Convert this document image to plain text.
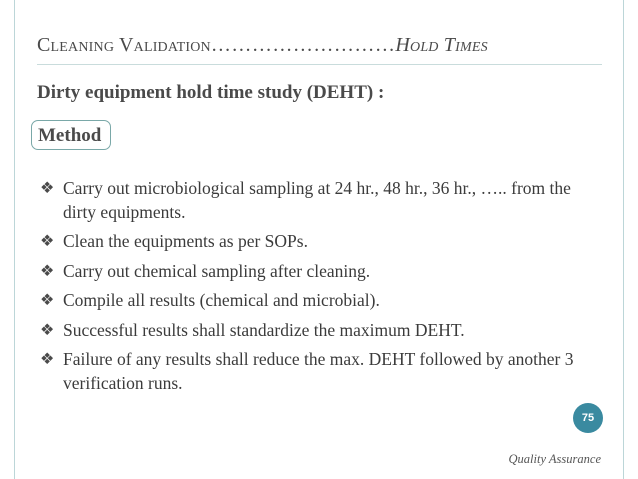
Cleaning Validation………………………Hold Times
Dirty equipment hold time study (DEHT) :
Method
❖ Carry out microbiological sampling at 24 hr., 48 hr., 36 hr., ….. from the dirty equipments.
❖ Clean the equipments as per SOPs.
❖ Carry out chemical sampling after cleaning.
❖ Compile all results (chemical and microbial).
❖ Successful results shall standardize the maximum DEHT.
❖ Failure of any results shall reduce the max. DEHT followed by another 3 verification runs.
75
Quality Assurance
